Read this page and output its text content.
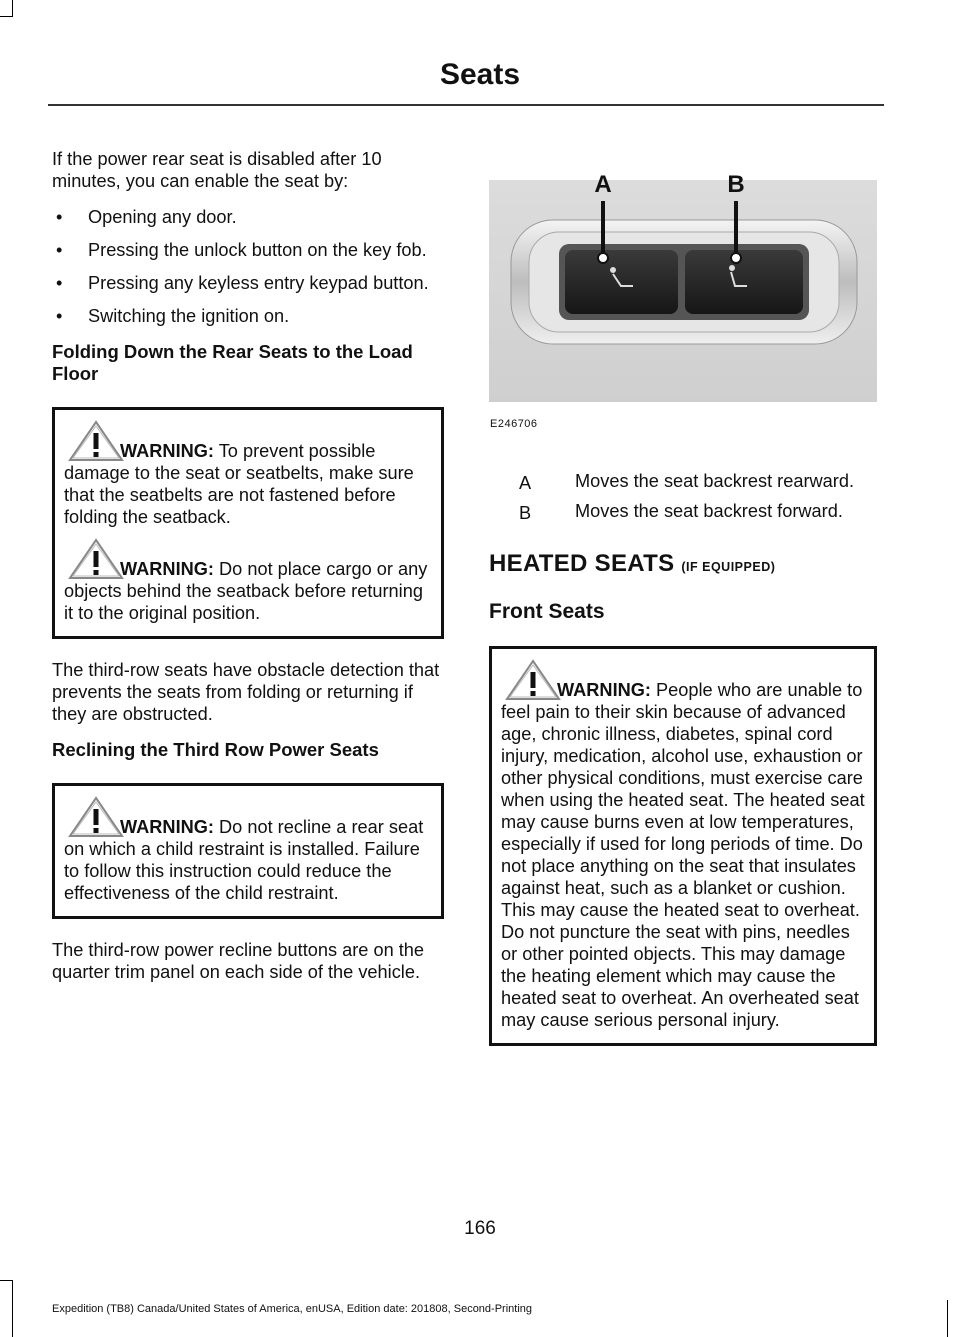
Seats

If the power rear seat is disabled after 10 minutes, you can enable the seat by:

• Opening any door.
• Pressing the unlock button on the key fob.
• Pressing any keyless entry keypad button.
• Switching the ignition on.
Folding Down the Rear Seats to the Load Floor
WARNING: To prevent possible damage to the seat or seatbelts, make sure that the seatbelts are not fastened before folding the seatback.
WARNING: Do not place cargo or any objects behind the seatback before returning it to the original position.

The third-row seats have obstacle detection that prevents the seats from folding or returning if they are obstructed.

Reclining the Third Row Power Seats
WARNING: Do not recline a rear seat on which a child restraint is installed. Failure to follow this instruction could reduce the effectiveness of the child restraint.

The third-row power recline buttons are on the quarter trim panel on each side of the vehicle.

A	B
E246706
A Moves the seat backrest rearward.
B Moves the seat backrest forward.
HEATED SEATS (IF EQUIPPED)
Front Seats
WARNING: People who are unable to feel pain to their skin because of advanced age, chronic illness, diabetes, spinal cord injury, medication, alcohol use, exhaustion or other physical conditions, must exercise care when using the heated seat. The heated seat may cause burns even at low temperatures, especially if used for long periods of time. Do not place anything on the seat that insulates against heat, such as a blanket or cushion. This may cause the heated seat to overheat. Do not puncture the seat with pins, needles or other pointed objects. This may damage the heating element which may cause the heated seat to overheat. An overheated seat may cause serious personal injury.
166
Expedition (TB8) Canada/United States of America, enUSA, Edition date: 201808, Second-Printing
